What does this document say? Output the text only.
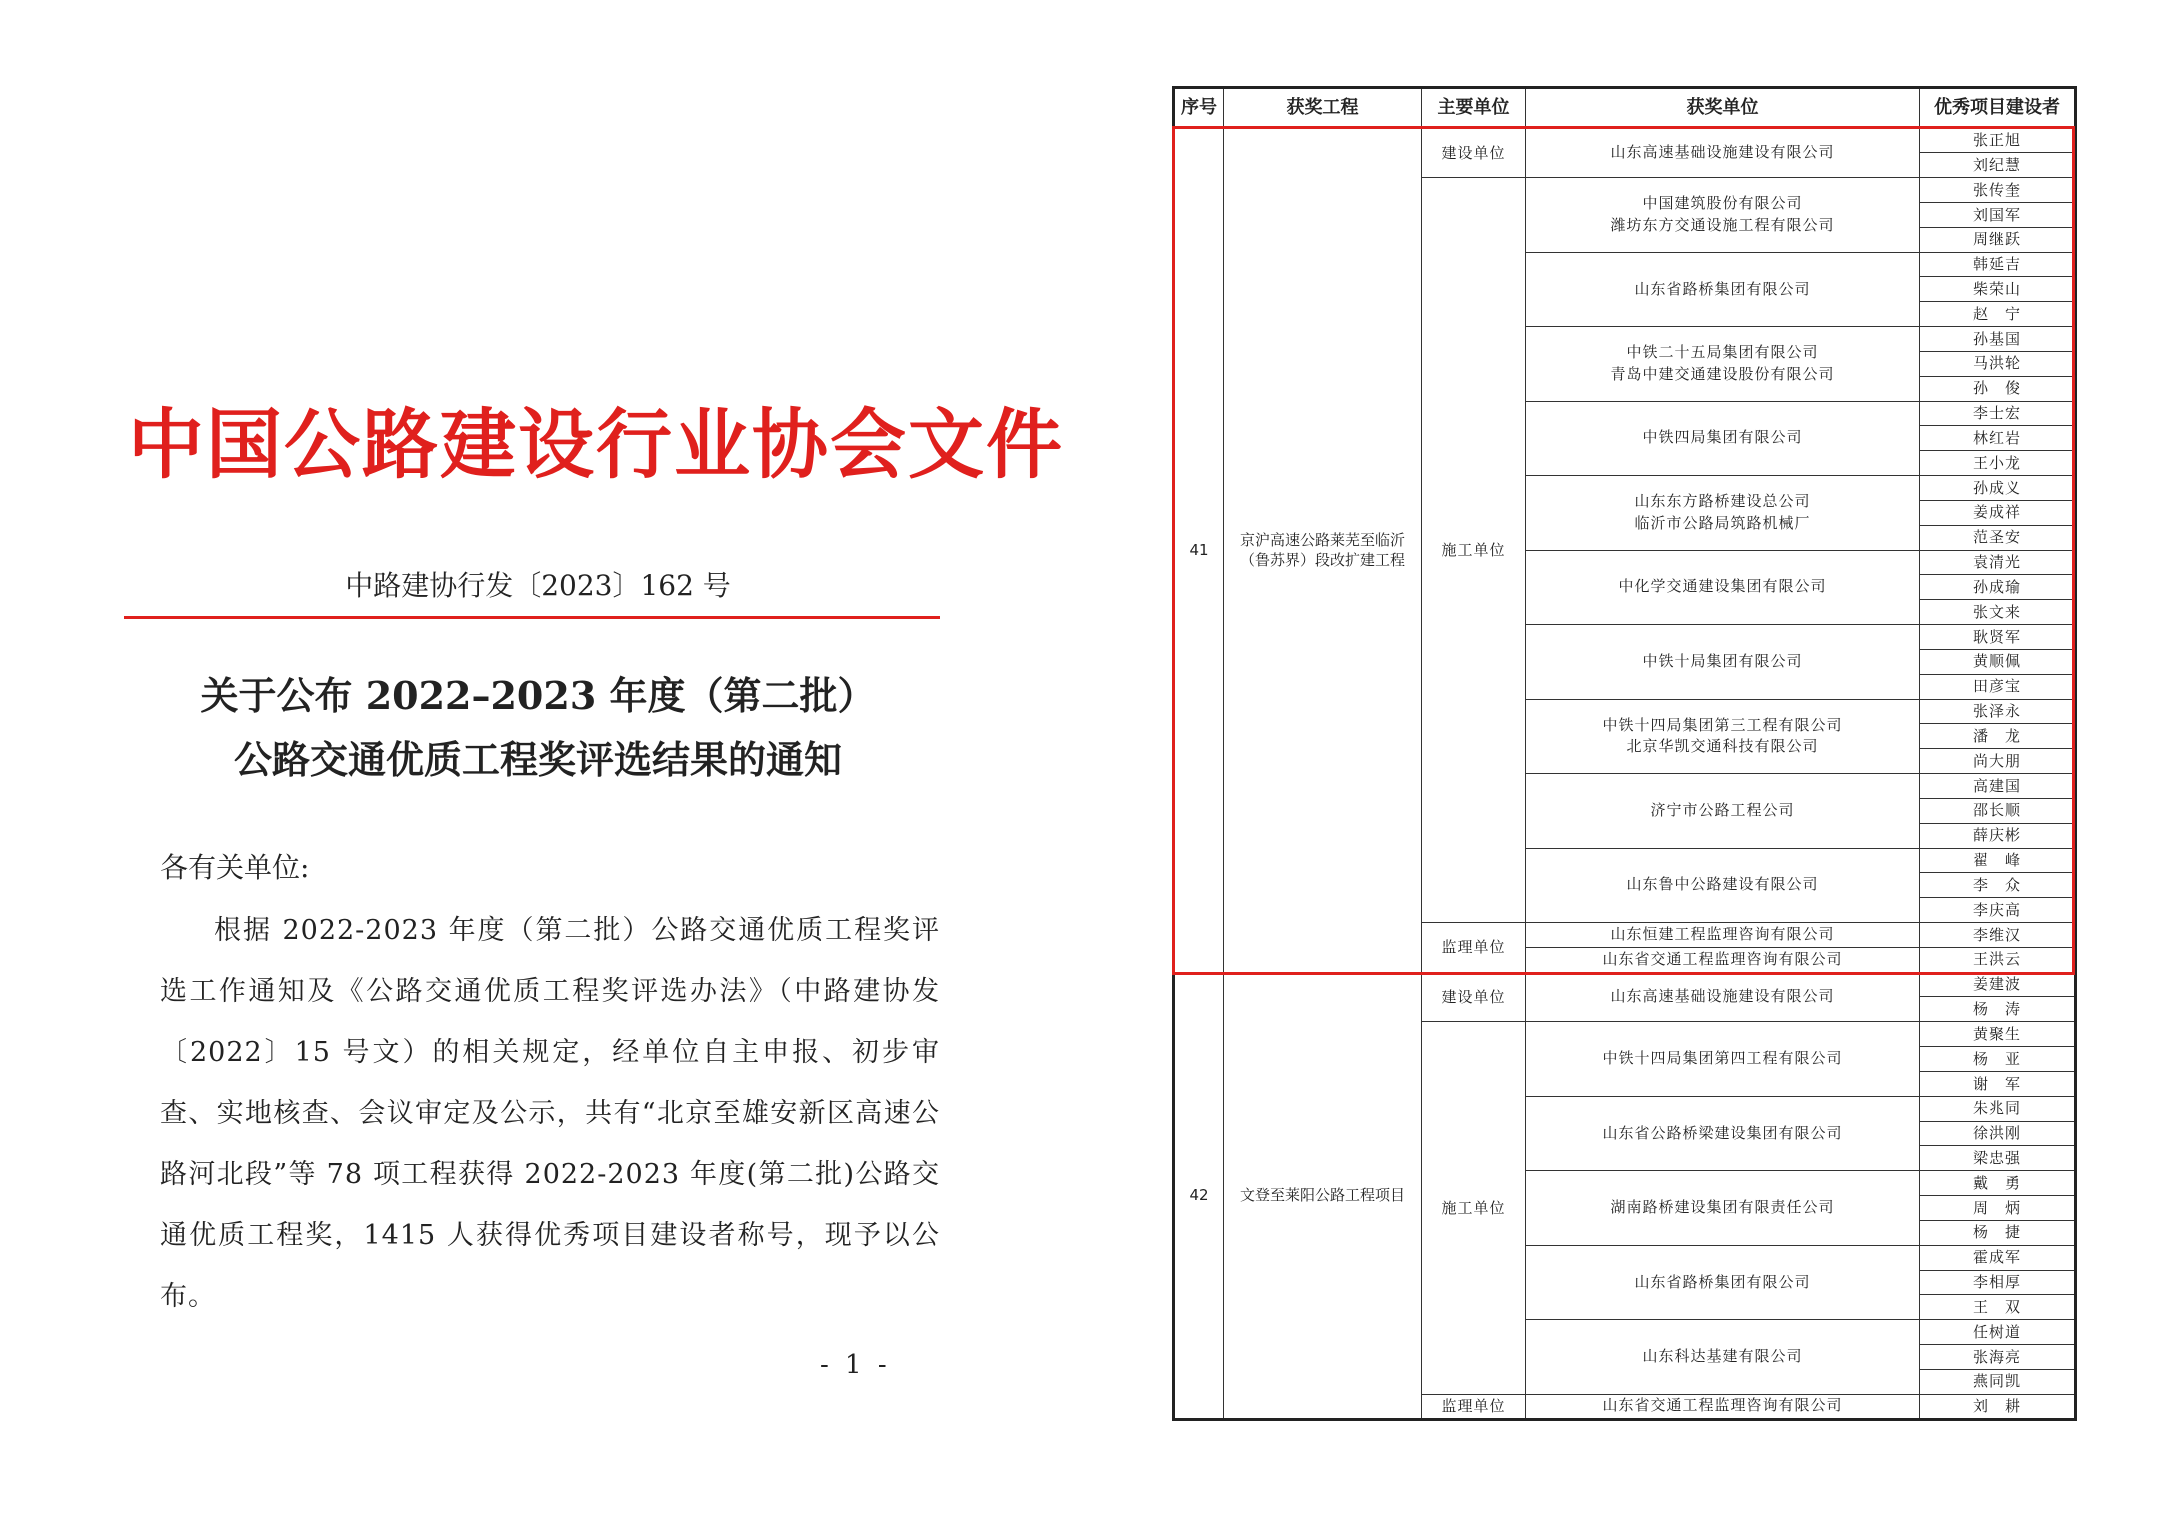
中国公路建设行业协会文件
中路建协行发〔2023〕162 号
关于公布 2022–2023 年度（第二批）
公路交通优质工程奖评选结果的通知
各有关单位:
根据 2022-2023 年度（第二批）公路交通优质工程奖评选工作通知及《公路交通优质工程奖评选办法》（中路建协发〔2022〕15 号文）的相关规定，经单位自主申报、初步审查、实地核查、会议审定及公示，共有“北京至雄安新区高速公路河北段”等 78 项工程获得 2022-2023 年度(第二批)公路交通优质工程奖，1415 人获得优秀项目建设者称号，现予以公布。
- 1 -
序号	获奖工程	主要单位	获奖单位	优秀项目建设者
41	京沪高速公路莱芜至临沂（鲁苏界）段改扩建工程	建设单位	山东高速基础设施建设有限公司	张正旭
				刘纪慧
		施工单位	中国建筑股份有限公司
潍坊东方交通设施工程有限公司	张传奎
				刘国军
				周继跃
			山东省路桥集团有限公司	韩延吉
				柴荣山
				赵　宁
			中铁二十五局集团有限公司
青岛中建交通建设股份有限公司	孙基国
				马洪轮
				孙　俊
			中铁四局集团有限公司	李士宏
				林红岩
				王小龙
			山东东方路桥建设总公司
临沂市公路局筑路机械厂	孙成义
				姜成祥
				范圣安
			中化学交通建设集团有限公司	袁清光
				孙成瑜
				张文来
			中铁十局集团有限公司	耿贤军
				黄顺佩
				田彦宝
			中铁十四局集团第三工程有限公司
北京华凯交通科技有限公司	张泽永
				潘　龙
				尚大朋
			济宁市公路工程公司	高建国
				邵长顺
				薛庆彬
			山东鲁中公路建设有限公司	翟　峰
				李　众
				李庆高
		监理单位	山东恒建工程监理咨询有限公司	李维汉
			山东省交通工程监理咨询有限公司	王洪云
42	文登至莱阳公路工程项目	建设单位	山东高速基础设施建设有限公司	姜建波
				杨　涛
		施工单位	中铁十四局集团第四工程有限公司	黄聚生
				杨　亚
				谢　军
			山东省公路桥梁建设集团有限公司	朱兆同
				徐洪刚
				梁忠强
			湖南路桥建设集团有限责任公司	戴　勇
				周　炳
				杨　捷
			山东省路桥集团有限公司	霍成军
				李相厚
				王　双
			山东科达基建有限公司	任树道
				张海亮
				燕同凯
		监理单位	山东省交通工程监理咨询有限公司	刘　耕
